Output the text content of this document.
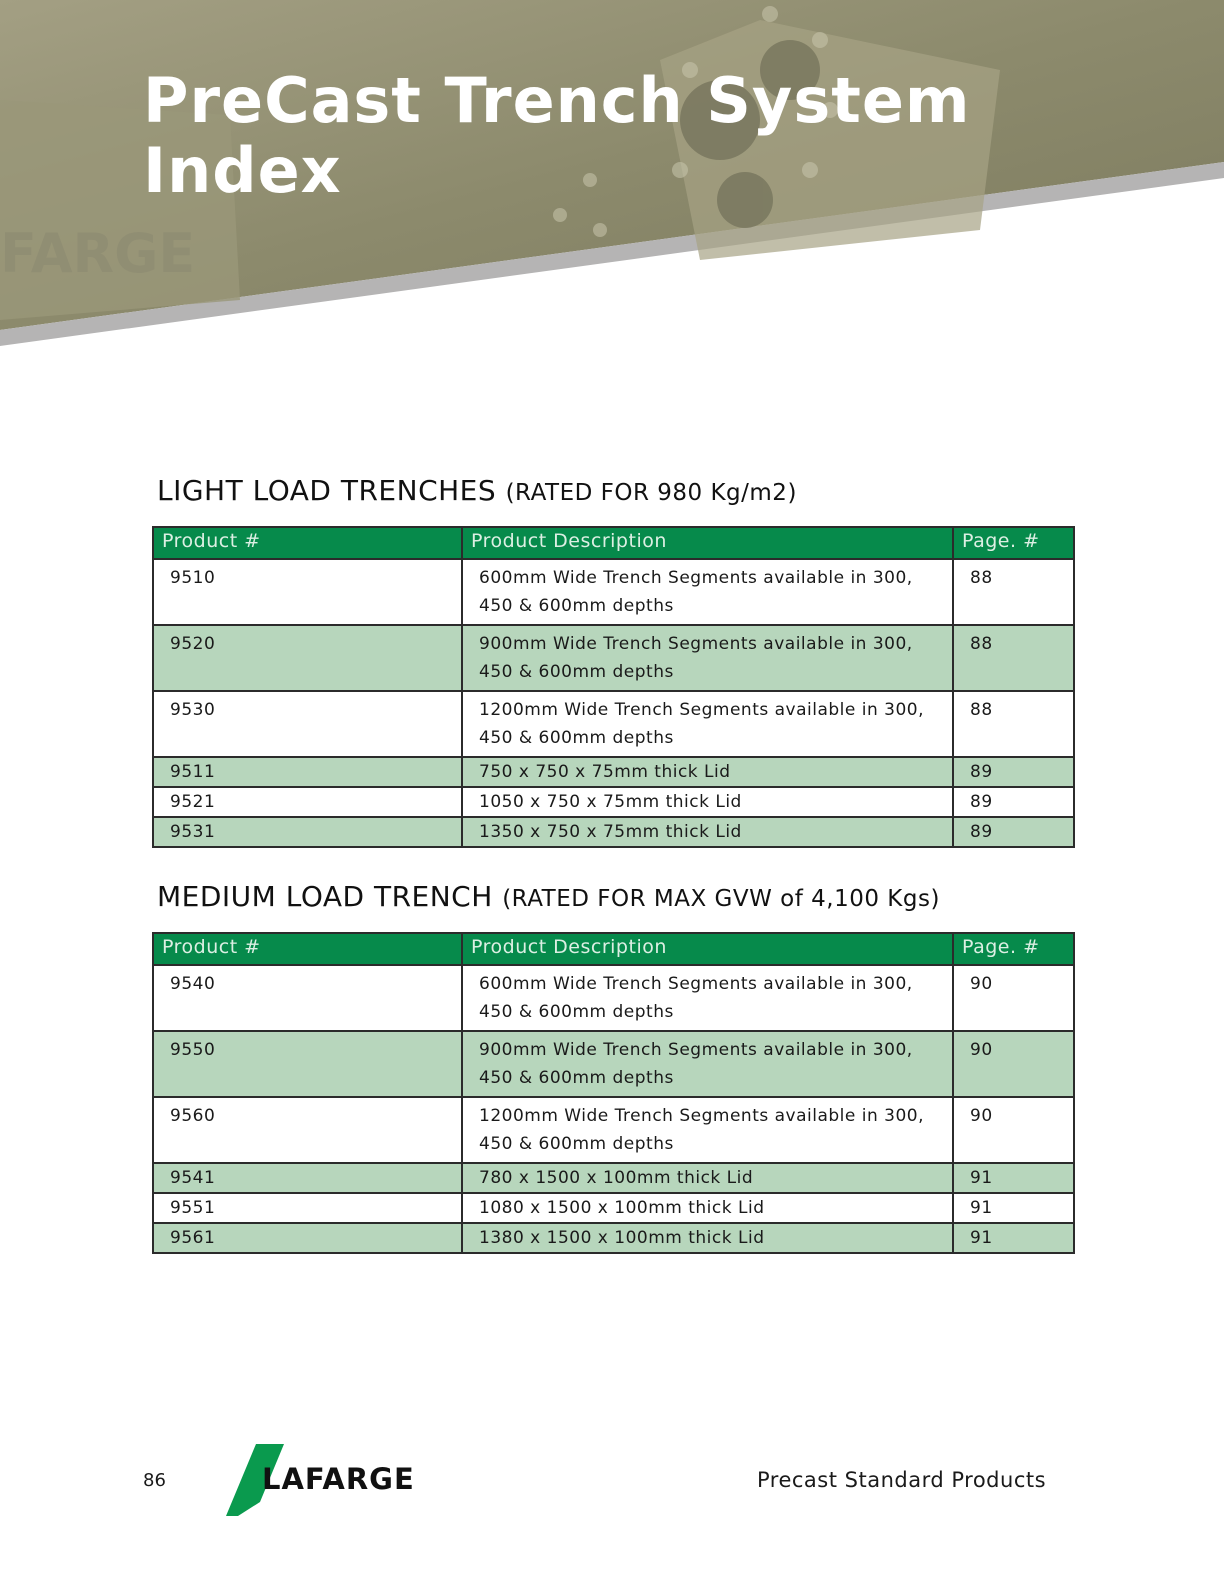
FARGE
PreCast Trench System
Index
LIGHT LOAD TRENCHES (RATED FOR 980 Kg/m2)
Product #	Product Description	Page. #
9510	600mm Wide Trench Segments available in 300, 450 & 600mm depths	88
9520	900mm Wide Trench Segments available in 300, 450 & 600mm depths	88
9530	1200mm Wide Trench Segments available in 300, 450 & 600mm depths	88
9511	750 x 750 x 75mm thick Lid	89
9521	1050 x 750 x 75mm thick Lid	89
9531	1350 x 750 x 75mm thick Lid	89
MEDIUM LOAD TRENCH (RATED FOR MAX GVW of 4,100 Kgs)
Product #	Product Description	Page. #
9540	600mm Wide Trench Segments available in 300, 450 & 600mm depths	90
9550	900mm Wide Trench Segments available in 300, 450 & 600mm depths	90
9560	1200mm Wide Trench Segments available in 300, 450 & 600mm depths	90
9541	780 x 1500 x 100mm thick Lid	91
9551	1080 x 1500 x 100mm thick Lid	91
9561	1380 x 1500 x 100mm thick Lid	91
86	LAFARGE	Precast Standard Products
